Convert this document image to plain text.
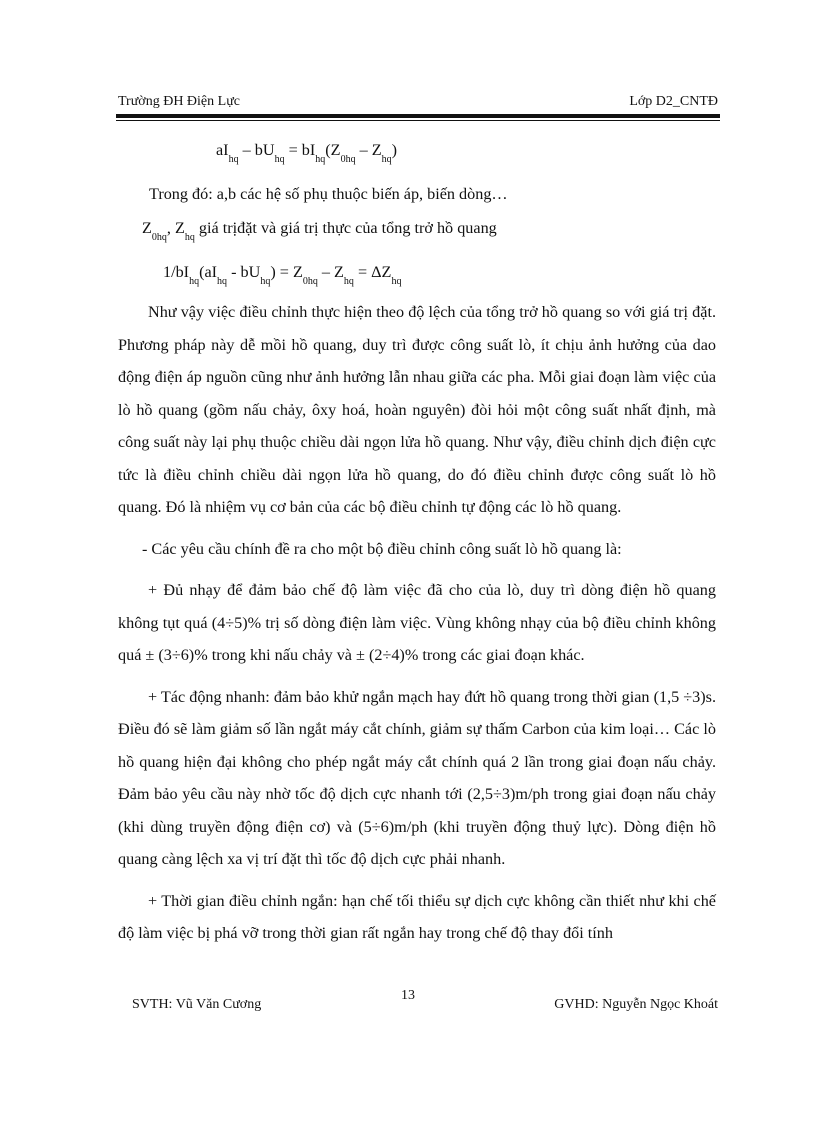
Trường ĐH Điện Lực	Lớp D2_CNTĐ
$aI_{hq} - bU_{hq} = bI_{hq}(Z_{0hq} - Z_{hq})$
Trong đó: a,b các hệ số phụ thuộc biến áp, biến dòng…
$Z_{0hq}$, $Z_{hq}$ giá trịđặt và giá trị thực của tổng trở hồ quang
$1/bI_{hq}(aI_{hq} - bU_{hq}) = Z_{0hq} - Z_{hq} = \Delta Z_{hq}$

Như vậy việc điều chỉnh thực hiện theo độ lệch của tổng trở hồ quang so với giá trị đặt. Phương pháp này dễ mồi hồ quang, duy trì được công suất lò, ít chịu ảnh hưởng của dao động điện áp nguồn cũng như ảnh hưởng lẫn nhau giữa các pha. Mỗi giai đoạn làm việc của lò hồ quang (gồm nấu chảy, ôxy hoá, hoàn nguyên) đòi hỏi một công suất nhất định, mà công suất này lại phụ thuộc chiều dài ngọn lửa hồ quang. Như vậy, điều chỉnh dịch điện cực tức là điều chỉnh chiều dài ngọn lửa hồ quang, do đó điều chỉnh được công suất lò hồ quang. Đó là nhiệm vụ cơ bản của các bộ điều chỉnh tự động các lò hồ quang.

- Các yêu cầu chính đề ra cho một bộ điều chỉnh công suất lò hồ quang là:

+ Đủ nhạy để đảm bảo chế độ làm việc đã cho của lò, duy trì dòng điện hồ quang không tụt quá (4÷5)% trị số dòng điện làm việc. Vùng không nhạy của bộ điều chỉnh không quá ± (3÷6)% trong khi nấu chảy và ± (2÷4)% trong các giai đoạn khác.

+ Tác động nhanh: đảm bảo khử ngắn mạch hay đứt hồ quang trong thời gian (1,5 ÷3)s. Điều đó sẽ làm giảm số lần ngắt máy cắt chính, giảm sự thấm Carbon của kim loại… Các lò hồ quang hiện đại không cho phép ngắt máy cắt chính quá 2 lần trong giai đoạn nấu chảy. Đảm bảo yêu cầu này nhờ tốc độ dịch cực nhanh tới (2,5÷3)m/ph trong giai đoạn nấu chảy (khi dùng truyền động điện cơ) và (5÷6)m/ph (khi truyền động thuỷ lực). Dòng điện hồ quang càng lệch xa vị trí đặt thì tốc độ dịch cực phải nhanh.

+ Thời gian điều chỉnh ngắn: hạn chế tối thiểu sự dịch cực không cần thiết như khi chế độ làm việc bị phá vỡ trong thời gian rất ngắn hay trong chế độ thay đổi tính

SVTH: Vũ Văn Cương
13
GVHD: Nguyễn Ngọc Khoát
